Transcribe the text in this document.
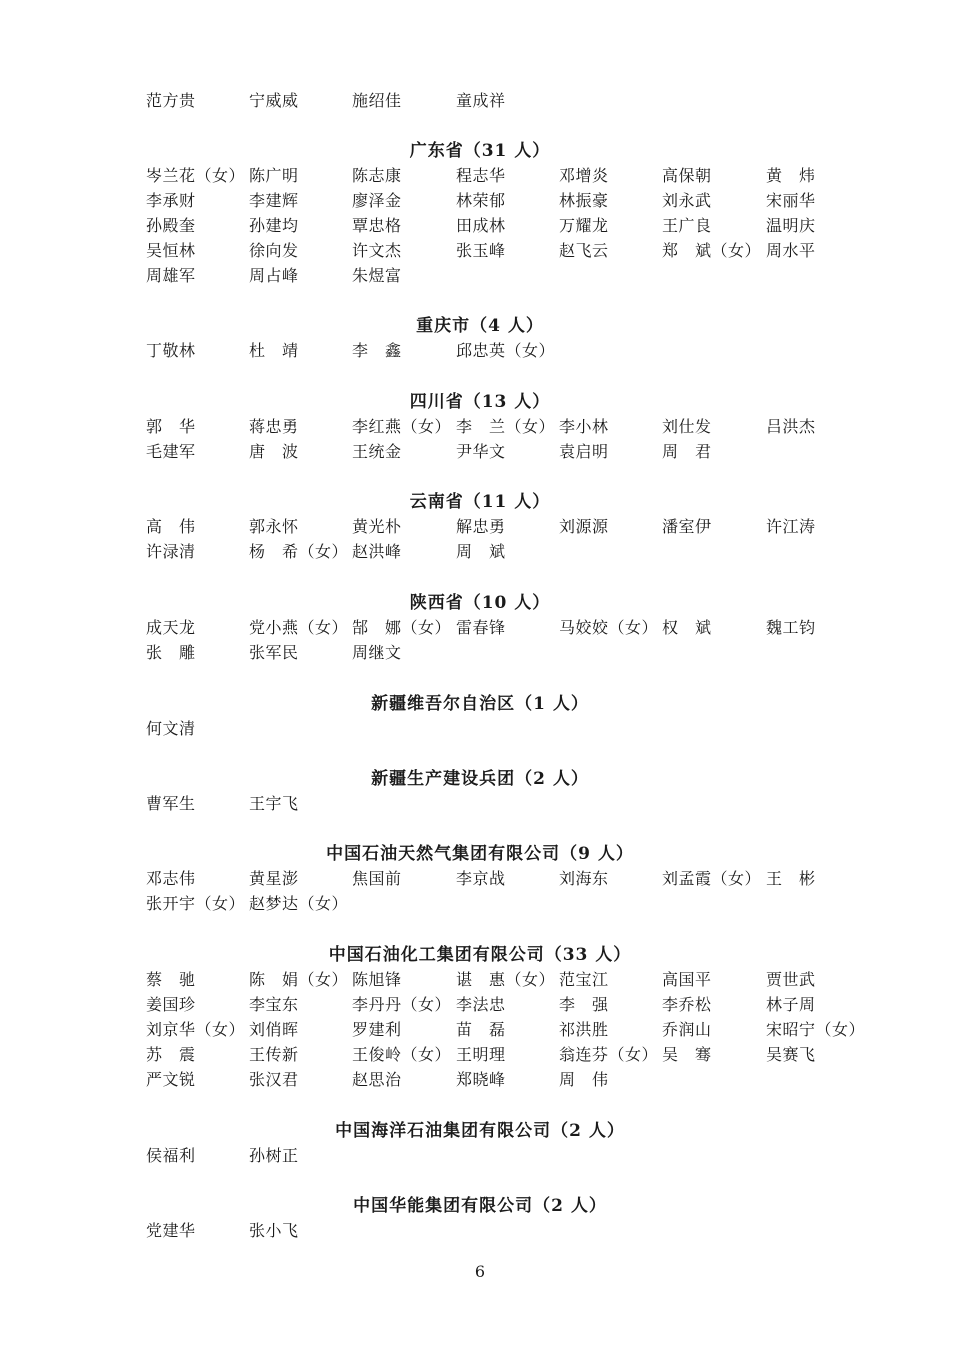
范方贵	宁威威	施绍佳	童成祥
广东省（31 人）
岑兰花（女） 陈广明	陈志康	程志华	邓增炎	高保朝	黄　炜
李承财	李建辉	廖泽金	林荣郁	林振豪	刘永武	宋丽华
孙殿奎	孙建均	覃忠格	田成林	万耀龙	王广良	温明庆
吴恒林	徐向发	许文杰	张玉峰	赵飞云	郑　斌（女） 周水平
周雄军	周占峰	朱煜富
重庆市（4 人）
丁敬林	杜　靖	李　鑫	邱忠英（女）
四川省（13 人）
郭　华	蒋忠勇	李红燕（女） 李　兰（女） 李小林	刘仕发	吕洪杰
毛建军	唐　波	王统金	尹华文	袁启明	周　君
云南省（11 人）
高　伟	郭永怀	黄光朴	解忠勇	刘源源	潘室伊	许江涛
许渌清	杨　希（女） 赵洪峰	周　斌
陕西省（10 人）
成天龙	党小燕（女） 郜　娜（女） 雷春锋	马姣姣（女） 权　斌	魏工钧
张　雕	张军民	周继文
新疆维吾尔自治区（1 人）
何文清
新疆生产建设兵团（2 人）
曹军生	王宇飞
中国石油天然气集团有限公司（9 人）
邓志伟	黄星澎	焦国前	李京战	刘海东	刘孟霞（女） 王　彬
张开宇（女） 赵梦达（女）
中国石油化工集团有限公司（33 人）
蔡　驰	陈　娟（女） 陈旭锋	谌　惠（女） 范宝江	高国平	贾世武
姜国珍	李宝东	李丹丹（女） 李法忠	李　强	李乔松	林子周
刘京华（女） 刘俏晖	罗建利	苗　磊	祁洪胜	乔润山	宋昭宁（女）
苏　震	王传新	王俊岭（女） 王明理	翁连芬（女） 吴　骞	吴赛飞
严文锐	张汉君	赵思治	郑晓峰	周　伟
中国海洋石油集团有限公司（2 人）
侯福利	孙树正
中国华能集团有限公司（2 人）
党建华	张小飞
6
